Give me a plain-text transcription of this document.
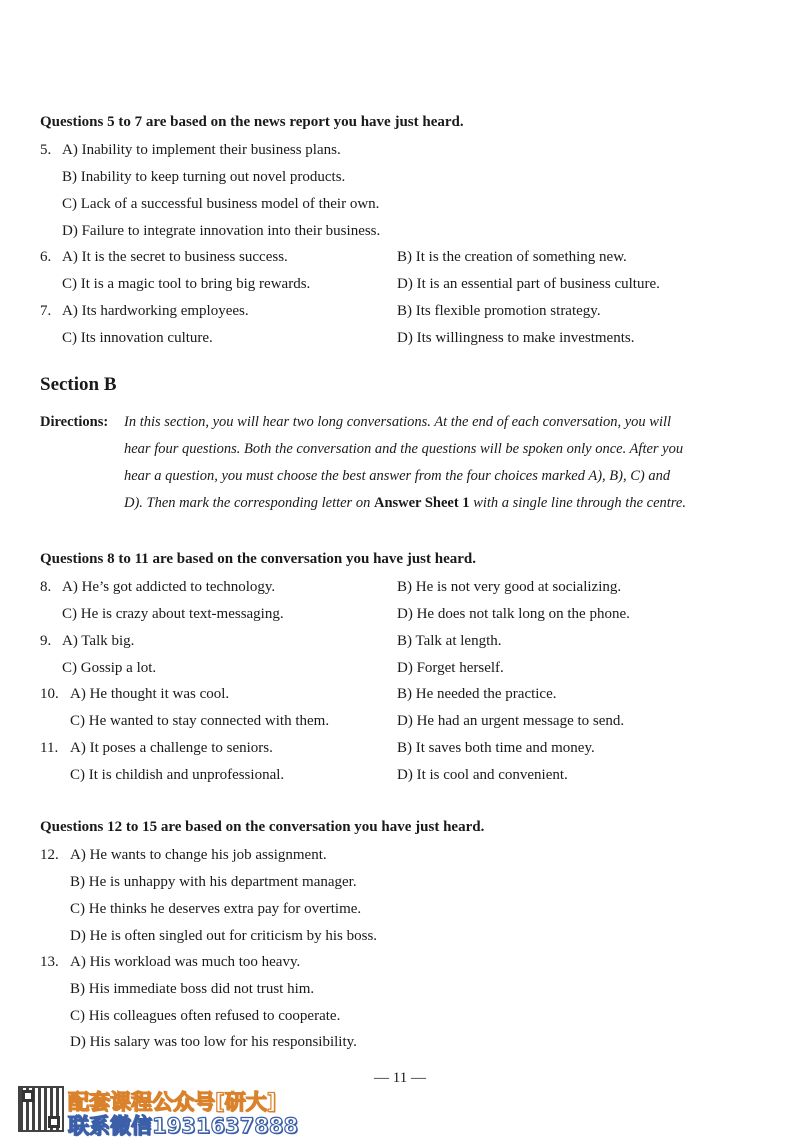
Questions 5 to 7 are based on the news report you have just heard.
5. A) Inability to implement their business plans.
B) Inability to keep turning out novel products.
C) Lack of a successful business model of their own.
D) Failure to integrate innovation into their business.
6. A) It is the secret to business success.	B) It is the creation of something new.
C) It is a magic tool to bring big rewards.	D) It is an essential part of business culture.
7. A) Its hardworking employees.	B) Its flexible promotion strategy.
C) Its innovation culture.	D) Its willingness to make investments.
Section B
Directions: In this section, you will hear two long conversations. At the end of each conversation, you will
hear four questions. Both the conversation and the questions will be spoken only once. After you
hear a question, you must choose the best answer from the four choices marked A), B), C) and
D). Then mark the corresponding letter on Answer Sheet 1 with a single line through the centre.
Questions 8 to 11 are based on the conversation you have just heard.
8. A) He’s got addicted to technology.	B) He is not very good at socializing.
C) He is crazy about text-messaging.	D) He does not talk long on the phone.
9. A) Talk big.	B) Talk at length.
C) Gossip a lot.	D) Forget herself.
10. A) He thought it was cool.	B) He needed the practice.
C) He wanted to stay connected with them.	D) He had an urgent message to send.
11. A) It poses a challenge to seniors.	B) It saves both time and money.
C) It is childish and unprofessional.	D) It is cool and convenient.
Questions 12 to 15 are based on the conversation you have just heard.
12. A) He wants to change his job assignment.
B) He is unhappy with his department manager.
C) He thinks he deserves extra pay for overtime.
D) He is often singled out for criticism by his boss.
13. A) His workload was much too heavy.
B) His immediate boss did not trust him.
C) His colleagues often refused to cooperate.
D) His salary was too low for his responsibility.
— 11 —
配套课程公众号[研大]
联系微信1931637888
